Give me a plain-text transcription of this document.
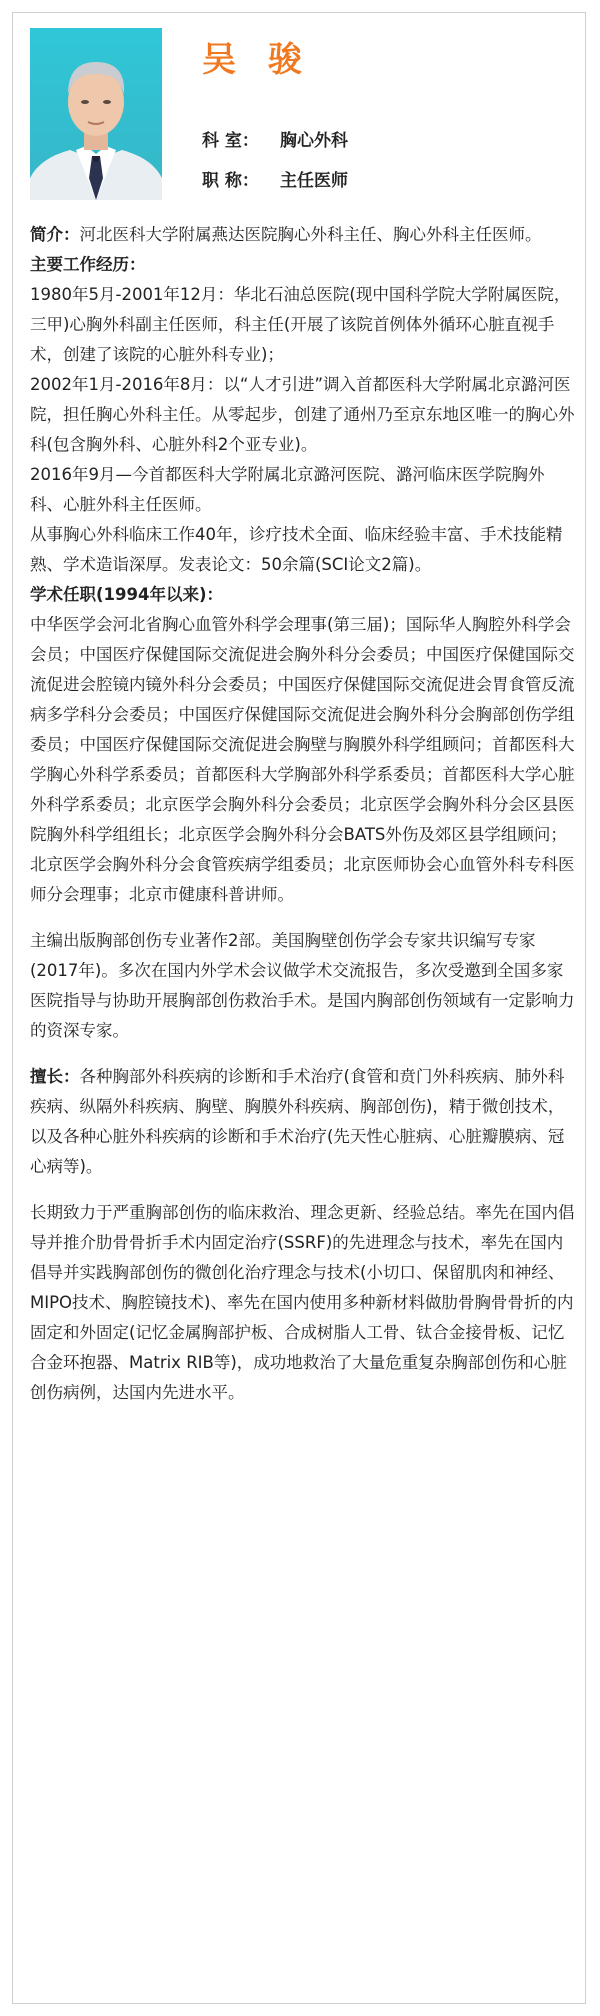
吴 骏
科 室： 胸心外科
职 称： 主任医师

简介：河北医科大学附属燕达医院胸心外科主任、胸心外科主任医师。

主要工作经历：

1980年5月-2001年12月：华北石油总医院(现中国科学院大学附属医院，三甲)心胸外科副主任医师，科主任(开展了该院首例体外循环心脏直视手术，创建了该院的心脏外科专业)；

2002年1月-2016年8月：以“人才引进”调入首都医科大学附属北京潞河医院，担任胸心外科主任。从零起步，创建了通州乃至京东地区唯一的胸心外科(包含胸外科、心脏外科2个亚专业)。

2016年9月—今首都医科大学附属北京潞河医院、潞河临床医学院胸外科、心脏外科主任医师。

从事胸心外科临床工作40年，诊疗技术全面、临床经验丰富、手术技能精熟、学术造诣深厚。发表论文：50余篇(SCI论文2篇)。

学术任职(1994年以来)：

中华医学会河北省胸心血管外科学会理事(第三届)；国际华人胸腔外科学会会员；中国医疗保健国际交流促进会胸外科分会委员；中国医疗保健国际交流促进会腔镜内镜外科分会委员；中国医疗保健国际交流促进会胃食管反流病多学科分会委员；中国医疗保健国际交流促进会胸外科分会胸部创伤学组委员；中国医疗保健国际交流促进会胸壁与胸膜外科学组顾问；首都医科大学胸心外科学系委员；首都医科大学胸部外科学系委员；首都医科大学心脏外科学系委员；北京医学会胸外科分会委员；北京医学会胸外科分会区县医院胸外科学组组长；北京医学会胸外科分会BATS外伤及郊区县学组顾问；北京医学会胸外科分会食管疾病学组委员；北京医师协会心血管外科专科医师分会理事；北京市健康科普讲师。

主编出版胸部创伤专业著作2部。美国胸壁创伤学会专家共识编写专家(2017年)。多次在国内外学术会议做学术交流报告，多次受邀到全国多家医院指导与协助开展胸部创伤救治手术。是国内胸部创伤领域有一定影响力的资深专家。

擅长：各种胸部外科疾病的诊断和手术治疗(食管和贲门外科疾病、肺外科疾病、纵隔外科疾病、胸壁、胸膜外科疾病、胸部创伤)，精于微创技术，以及各种心脏外科疾病的诊断和手术治疗(先天性心脏病、心脏瓣膜病、冠心病等)。

长期致力于严重胸部创伤的临床救治、理念更新、经验总结。率先在国内倡导并推介肋骨骨折手术内固定治疗(SSRF)的先进理念与技术，率先在国内倡导并实践胸部创伤的微创化治疗理念与技术(小切口、保留肌肉和神经、MIPO技术、胸腔镜技术)、率先在国内使用多种新材料做肋骨胸骨骨折的内固定和外固定(记忆金属胸部护板、合成树脂人工骨、钛合金接骨板、记忆合金环抱器、Matrix RIB等)，成功地救治了大量危重复杂胸部创伤和心脏创伤病例，达国内先进水平。
